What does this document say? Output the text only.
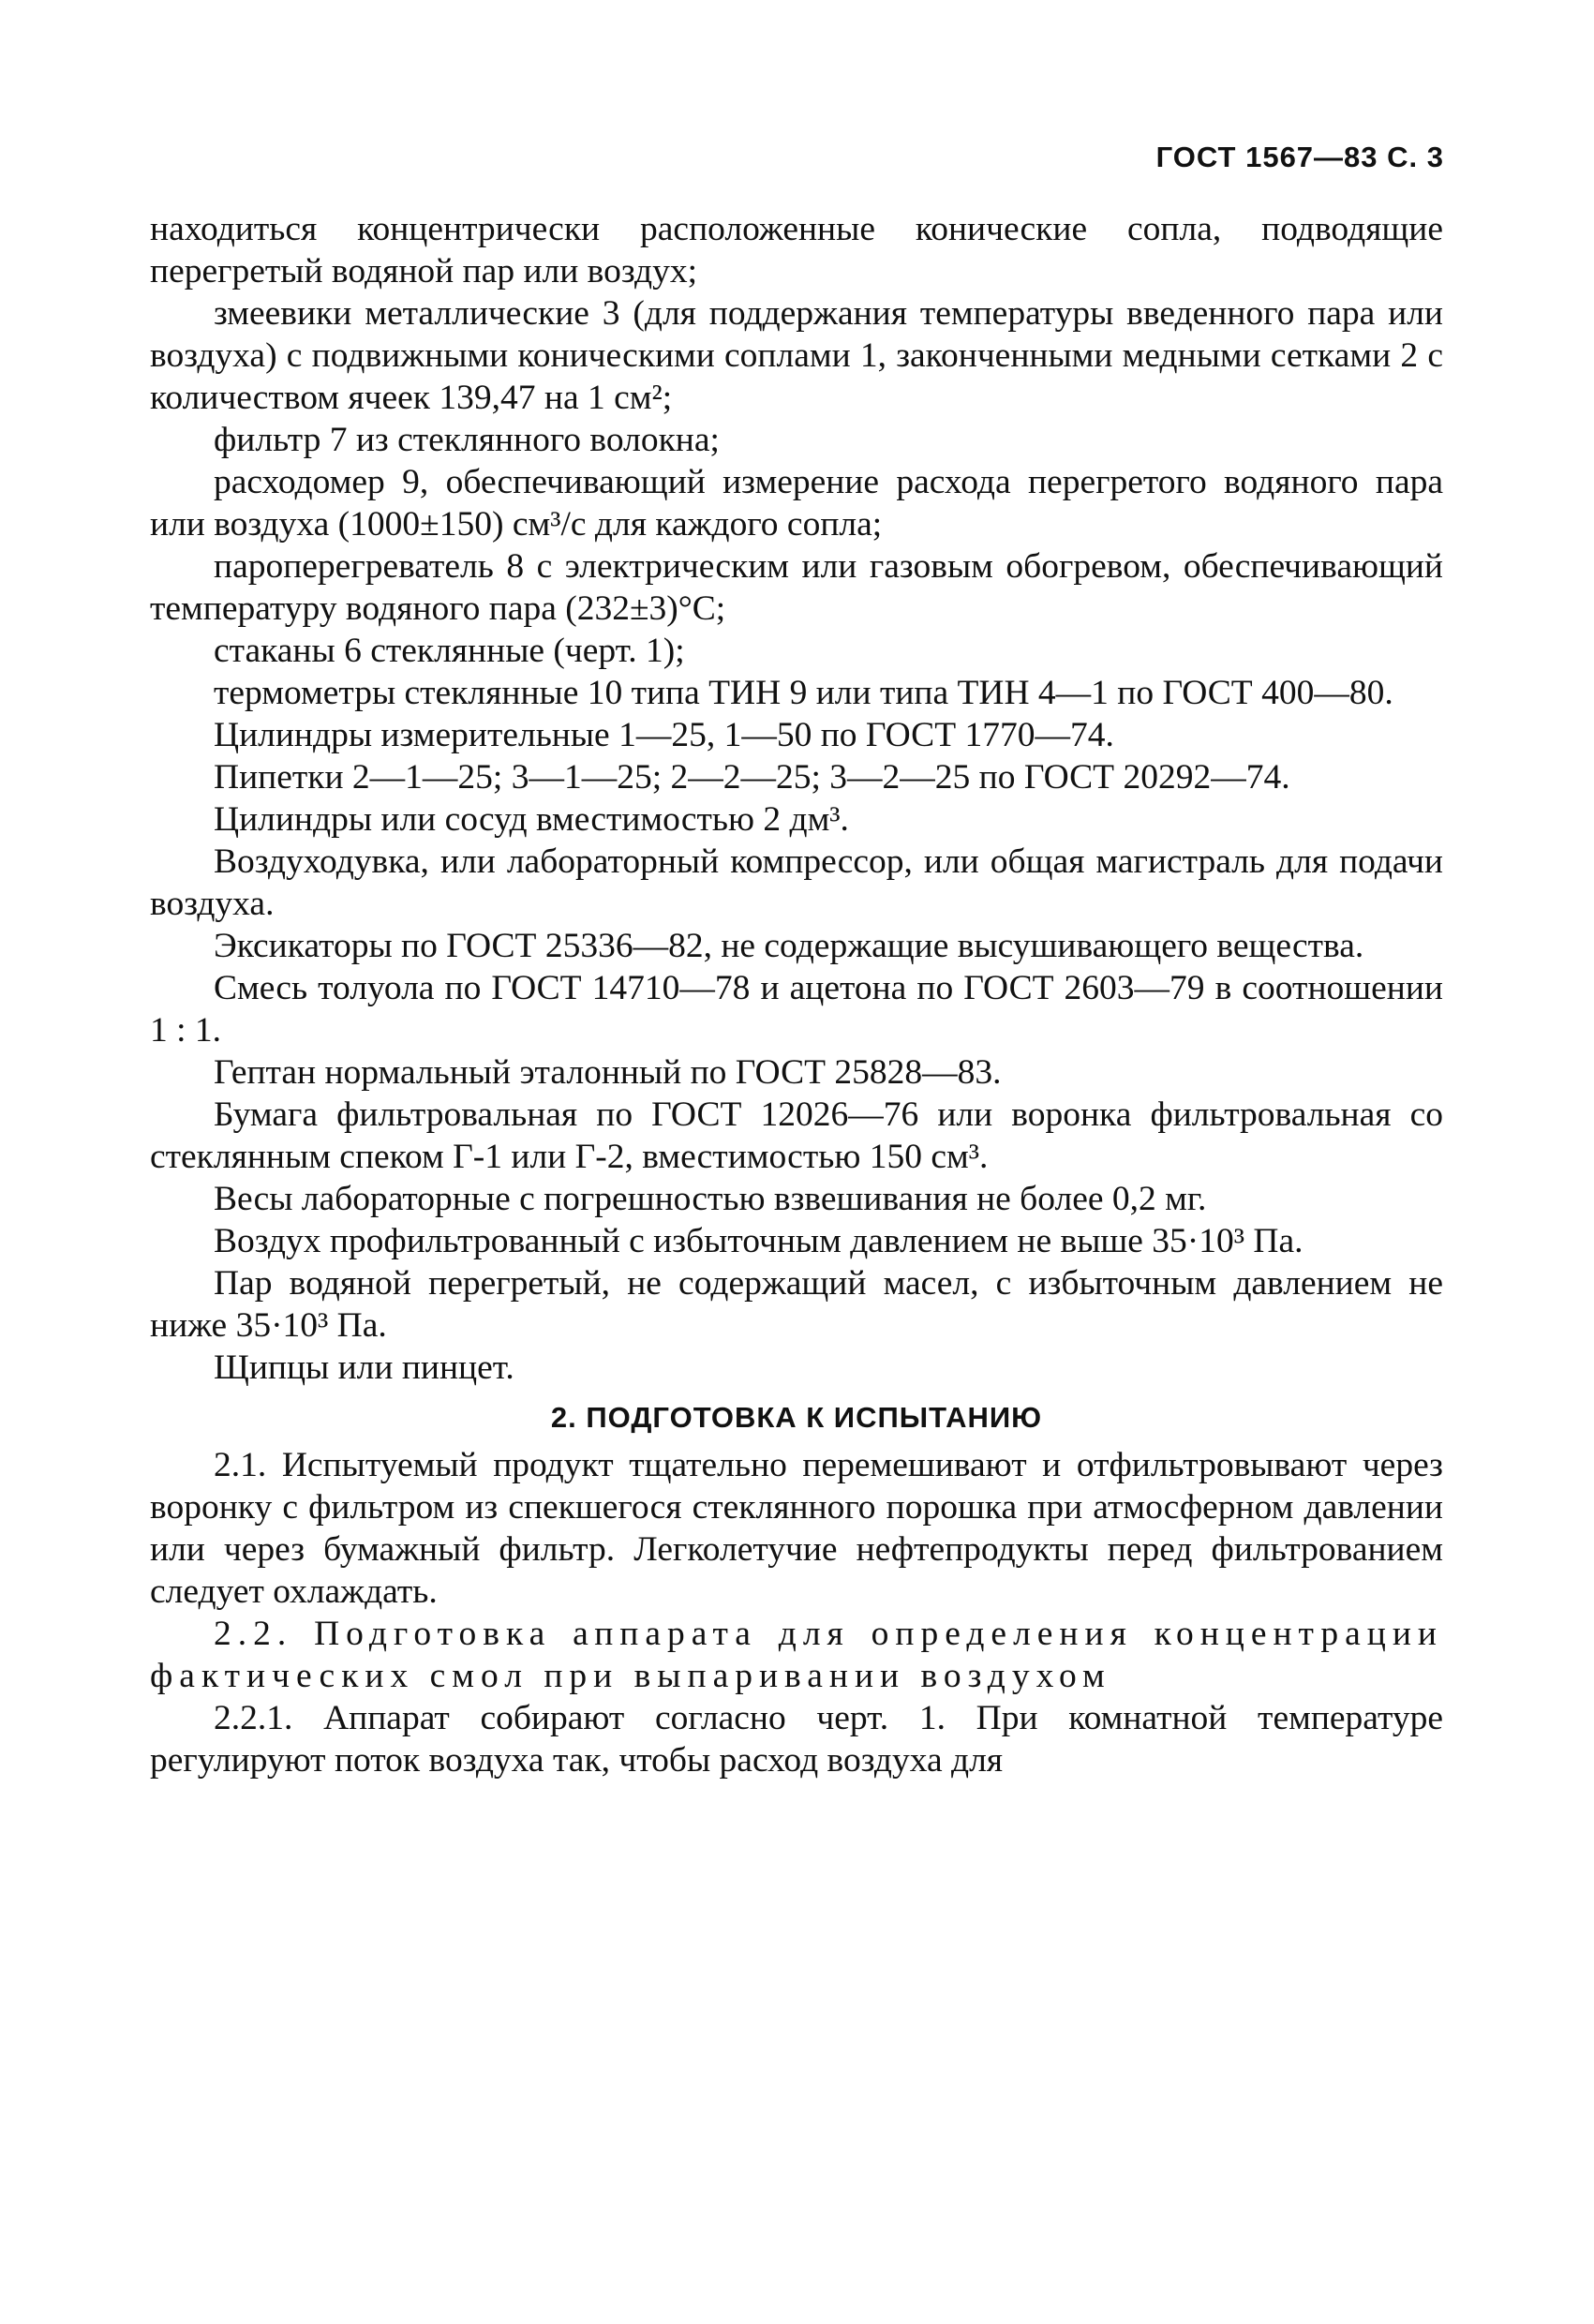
ГОСТ 1567—83 С. 3

находиться концентрически расположенные конические сопла, подводящие перегретый водяной пар или воздух;

змеевики металлические 3 (для поддержания температуры введенного пара или воздуха) с подвижными коническими соплами 1, законченными медными сетками 2 с количеством ячеек 139,47 на 1 см²;

фильтр 7 из стеклянного волокна;

расходомер 9, обеспечивающий измерение расхода перегретого водяного пара или воздуха (1000±150) см³/с для каждого сопла;

пароперегреватель 8 с электрическим или газовым обогревом, обеспечивающий температуру водяного пара (232±3)°С;

стаканы 6 стеклянные (черт. 1);

термометры стеклянные 10 типа ТИН 9 или типа ТИН 4—1 по ГОСТ 400—80.

Цилиндры измерительные 1—25, 1—50 по ГОСТ 1770—74.

Пипетки 2—1—25; 3—1—25; 2—2—25; 3—2—25 по ГОСТ 20292—74.

Цилиндры или сосуд вместимостью 2 дм³.

Воздуходувка, или лабораторный компрессор, или общая магистраль для подачи воздуха.

Эксикаторы по ГОСТ 25336—82, не содержащие высушивающего вещества.

Смесь толуола по ГОСТ 14710—78 и ацетона по ГОСТ 2603—79 в соотношении 1 : 1.

Гептан нормальный эталонный по ГОСТ 25828—83.

Бумага фильтровальная по ГОСТ 12026—76 или воронка фильтровальная со стеклянным спеком Г-1 или Г-2, вместимостью 150 см³.

Весы лабораторные с погрешностью взвешивания не более 0,2 мг.

Воздух профильтрованный с избыточным давлением не выше 35·10³ Па.

Пар водяной перегретый, не содержащий масел, с избыточным давлением не ниже 35·10³ Па.

Щипцы или пинцет.

2. ПОДГОТОВКА К ИСПЫТАНИЮ

2.1. Испытуемый продукт тщательно перемешивают и отфильтровывают через воронку с фильтром из спекшегося стеклянного порошка при атмосферном давлении или через бумажный фильтр. Легколетучие нефтепродукты перед фильтрованием следует охлаждать.

2.2. Подготовка аппарата для определения концентрации фактических смол при выпаривании воздухом

2.2.1. Аппарат собирают согласно черт. 1. При комнатной температуре регулируют поток воздуха так, чтобы расход воздуха для
